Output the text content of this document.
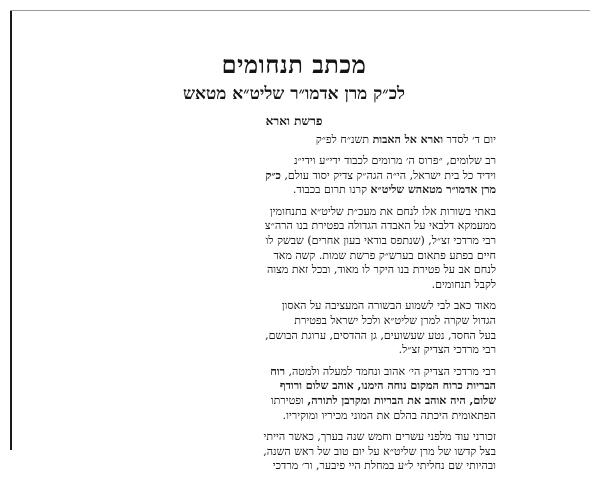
מכתב תנחומים
לכ״ק מרן אדמו״ר שליט״א מטאש
פרשת וארא
יום ד׳ לסדר וארא אל האבות תשנ״ח לפ״ק
רב שלומים, ״פרוס ה׳ מרומים לכבוד ידי״ע וידי״נ
וידיד כל בית ישראל, הי״ה הגה״ק צדיק יסוד עולם, כ״ק
מרן אדמו״ר מטאהש שליט״א קרנו תרום בכבוד.
באתי בשורות אלו לנחם את מעכ״ת שליט״א בתנחומין
ממעמקא דלבאי על האבדה הגדולה בפטירת בנו הרה״צ
רבי מרדכי זצ״ל, (שנתפס בודאי בעון אחרים) שבשק לו
חיים בפתע פתאום בערש״ק פרשת שמות. קשה מאד
לנחם אב על פטירת בנו היקר לו מאוד, ובכל זאת מצוה
לקבל תנחומים.
מאוד כאב לבי לשמוע הבשורה המעציבה על האסון
הגדול שקרה למרן שליט״א ולכל ישראל בפטירת
בעל החסד, נטע שעשועים, גן ההדסים, ערוגת הבושם,
רבי מרדכי הצדיק זצ״ל.
רבי מרדכי הצדיק הי׳ אהוב ונחמד למעלה ולמטה, רוח
הבריות כרוח המקום נוחה הימנו, אוהב שלום ורודף
שלום, היה אוהב את הבריות ומקרבן לתורה, ופטירתו
הפתאומית היכתה בהלם את המוני מכיריו ומוקיריו.
זכורני עוד מלפני עשרים וחמש שנה בערך, כאשר הייתי
בצל קדשו של מרן שליט״א על יום טוב של ראש השנה,
ובהיותי שם נחליתי ל״ע במחלת היי פיבער, ור׳ מרדכי
